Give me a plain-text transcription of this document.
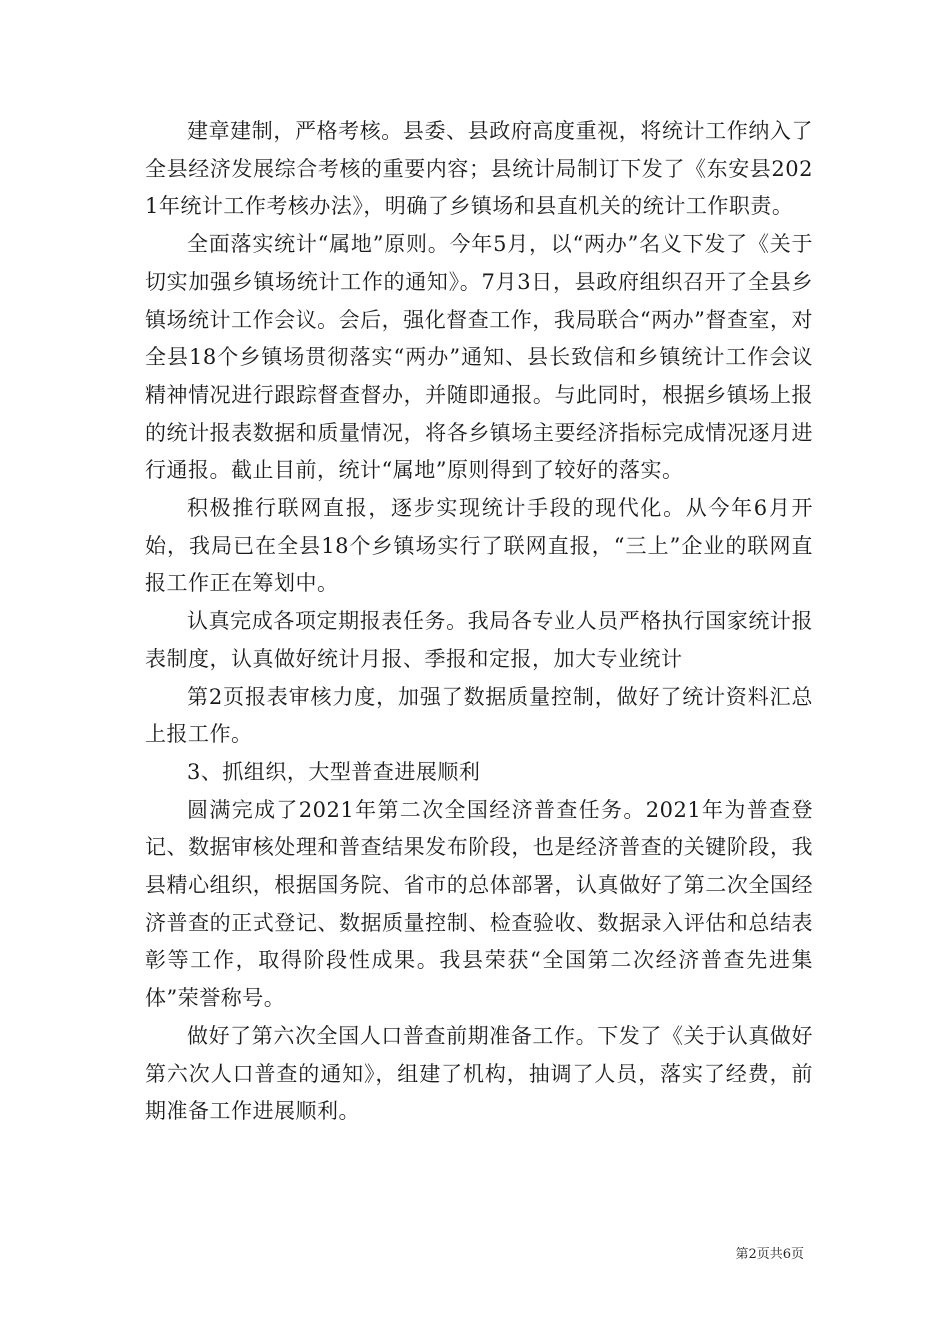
建章建制，严格考核。县委、县政府高度重视，将统计工作纳入了全县经济发展综合考核的重要内容；县统计局制订下发了《东安县2021年统计工作考核办法》，明确了乡镇场和县直机关的统计工作职责。

全面落实统计“属地”原则。今年5月，以“两办”名义下发了《关于切实加强乡镇场统计工作的通知》。7月3日，县政府组织召开了全县乡镇场统计工作会议。会后，强化督查工作，我局联合“两办”督查室，对全县18个乡镇场贯彻落实“两办”通知、县长致信和乡镇统计工作会议精神情况进行跟踪督查督办，并随即通报。与此同时，根据乡镇场上报的统计报表数据和质量情况，将各乡镇场主要经济指标完成情况逐月进行通报。截止目前，统计“属地”原则得到了较好的落实。

积极推行联网直报，逐步实现统计手段的现代化。从今年6月开始，我局已在全县18个乡镇场实行了联网直报，“三上”企业的联网直报工作正在筹划中。

认真完成各项定期报表任务。我局各专业人员严格执行国家统计报表制度，认真做好统计月报、季报和定报，加大专业统计

第2页报表审核力度，加强了数据质量控制，做好了统计资料汇总上报工作。

3、抓组织，大型普查进展顺利

圆满完成了2021年第二次全国经济普查任务。2021年为普查登记、数据审核处理和普查结果发布阶段，也是经济普查的关键阶段，我县精心组织，根据国务院、省市的总体部署，认真做好了第二次全国经济普查的正式登记、数据质量控制、检查验收、数据录入评估和总结表彰等工作，取得阶段性成果。我县荣获“全国第二次经济普查先进集体”荣誉称号。

做好了第六次全国人口普查前期准备工作。下发了《关于认真做好第六次人口普查的通知》，组建了机构，抽调了人员，落实了经费，前期准备工作进展顺利。

第2页共6页
